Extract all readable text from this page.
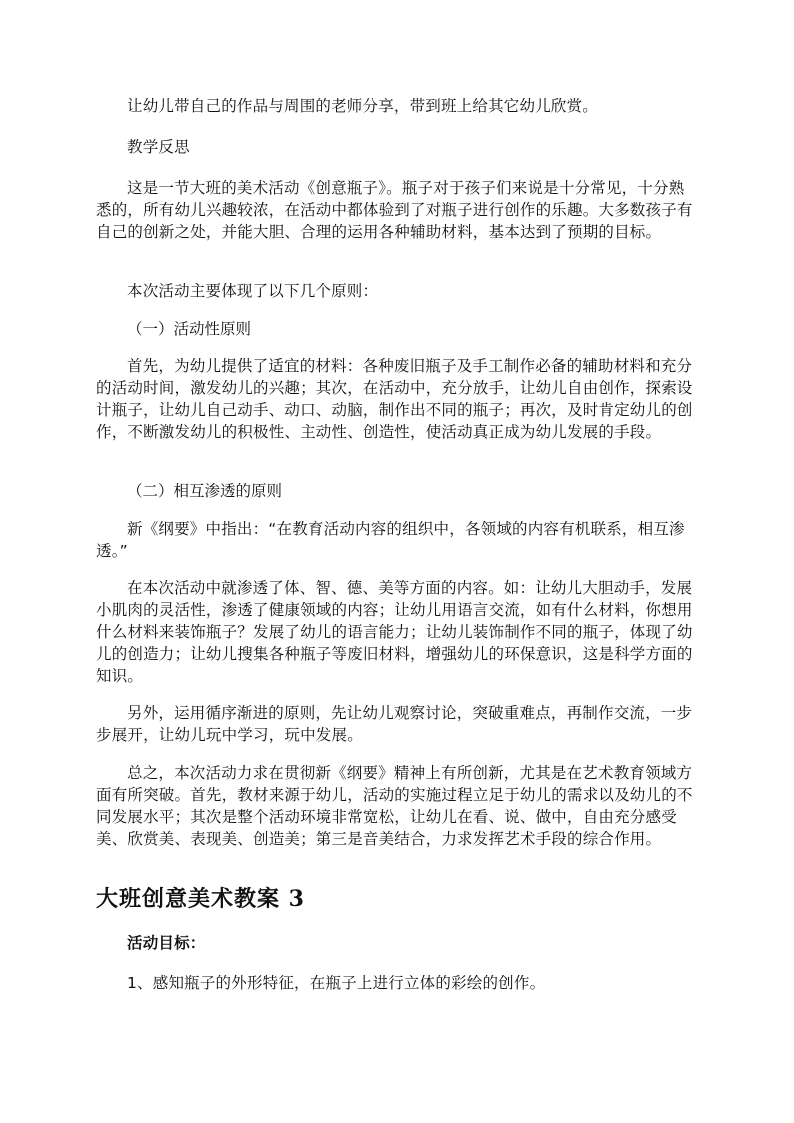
让幼儿带自己的作品与周围的老师分享，带到班上给其它幼儿欣赏。

教学反思

这是一节大班的美术活动《创意瓶子》。瓶子对于孩子们来说是十分常见，十分熟悉的，所有幼儿兴趣较浓，在活动中都体验到了对瓶子进行创作的乐趣。大多数孩子有自己的创新之处，并能大胆、合理的运用各种辅助材料，基本达到了预期的目标。

本次活动主要体现了以下几个原则：

（一）活动性原则

首先，为幼儿提供了适宜的材料：各种废旧瓶子及手工制作必备的辅助材料和充分的活动时间，激发幼儿的兴趣；其次，在活动中，充分放手，让幼儿自由创作，探索设计瓶子，让幼儿自己动手、动口、动脑，制作出不同的瓶子；再次，及时肯定幼儿的创作，不断激发幼儿的积极性、主动性、创造性，使活动真正成为幼儿发展的手段。

（二）相互渗透的原则

新《纲要》中指出：“在教育活动内容的组织中，各领域的内容有机联系，相互渗透。”

在本次活动中就渗透了体、智、德、美等方面的内容。如：让幼儿大胆动手，发展小肌肉的灵活性，渗透了健康领域的内容；让幼儿用语言交流，如有什么材料，你想用什么材料来装饰瓶子？发展了幼儿的语言能力；让幼儿装饰制作不同的瓶子，体现了幼儿的创造力；让幼儿搜集各种瓶子等废旧材料，增强幼儿的环保意识，这是科学方面的知识。

另外，运用循序渐进的原则，先让幼儿观察讨论，突破重难点，再制作交流，一步步展开，让幼儿玩中学习，玩中发展。

总之，本次活动力求在贯彻新《纲要》精神上有所创新，尤其是在艺术教育领域方面有所突破。首先，教材来源于幼儿，活动的实施过程立足于幼儿的需求以及幼儿的不同发展水平；其次是整个活动环境非常宽松，让幼儿在看、说、做中，自由充分感受美、欣赏美、表现美、创造美；第三是音美结合，力求发挥艺术手段的综合作用。

大班创意美术教案 3

活动目标：

1、感知瓶子的外形特征，在瓶子上进行立体的彩绘的创作。
